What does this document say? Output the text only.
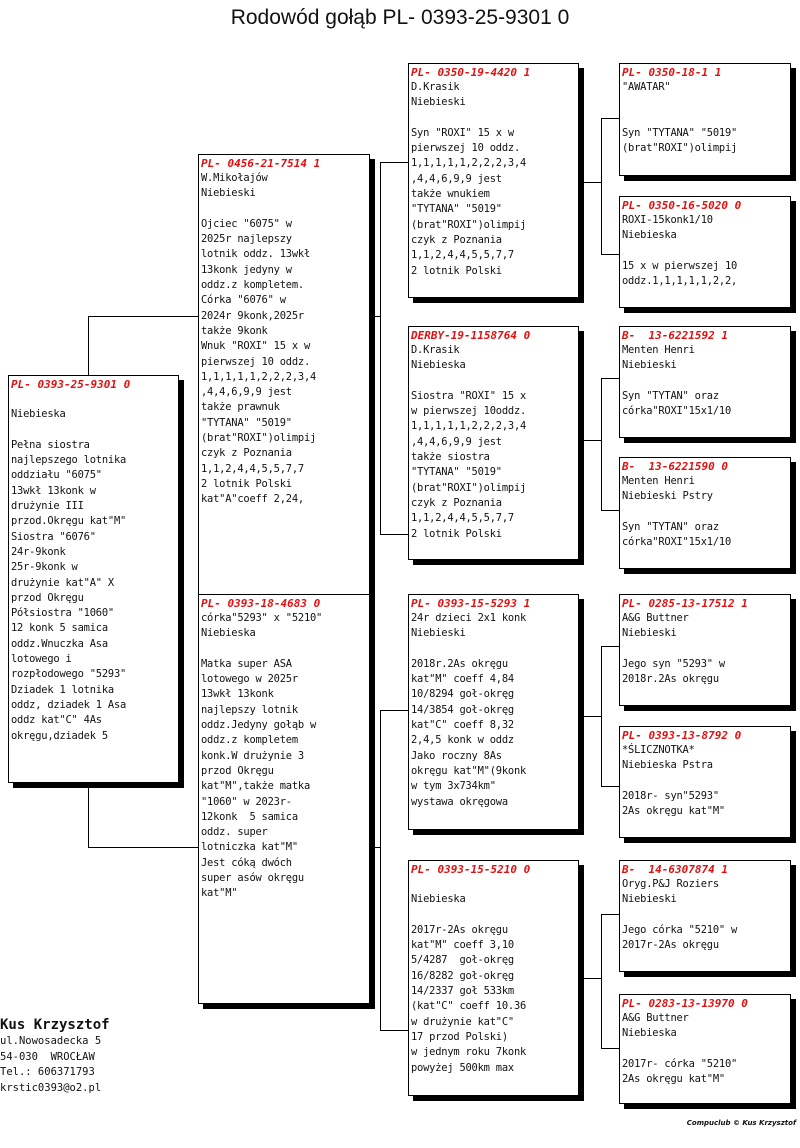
Rodowód gołąb PL- 0393-25-9301 0
PL- 0393-25-9301 0

Niebieska

Pełna siostra
najlepszego lotnika
oddziału "6075"
13wkł 13konk w
drużynie III
przod.Okręgu kat"M"
Siostra "6076"
24r-9konk
25r-9konk w
drużynie kat"A" X
przod Okręgu
Półsiostra "1060"
12 konk 5 samica
oddz.Wnuczka Asa
lotowego i
rozpłodowego "5293"
Dziadek 1 lotnika
oddz, dziadek 1 Asa
oddz kat"C" 4As
okręgu,dziadek 5
PL- 0456-21-7514 1
W.Mikołajów
Niebieski

Ojciec "6075" w
2025r najlepszy
lotnik oddz. 13wkł
13konk jedyny w
oddz.z kompletem.
Córka "6076" w
2024r 9konk,2025r
także 9konk
Wnuk "ROXI" 15 x w
pierwszej 10 oddz.
1,1,1,1,1,2,2,2,3,4
,4,4,6,9,9 jest
także prawnuk
"TYTANA" "5019"
(brat"ROXI")olimpij
czyk z Poznania
1,1,2,4,4,5,5,7,7
2 lotnik Polski
kat"A"coeff 2,24,
PL- 0393-18-4683 0
córka"5293" x "5210"
Niebieska

Matka super ASA
lotowego w 2025r
13wkł 13konk
najlepszy lotnik
oddz.Jedyny gołąb w
oddz.z kompletem
konk.W drużynie 3
przod Okręgu
kat"M",także matka
"1060" w 2023r-
12konk  5 samica
oddz. super
lotniczka kat"M"
Jest cóką dwóch
super asów okręgu
kat"M"
PL- 0350-19-4420 1
D.Krasik
Niebieski

Syn "ROXI" 15 x w
pierwszej 10 oddz.
1,1,1,1,1,2,2,2,3,4
,4,4,6,9,9 jest
także wnukiem
"TYTANA" "5019"
(brat"ROXI")olimpij
czyk z Poznania
1,1,2,4,4,5,5,7,7
2 lotnik Polski
DERBY-19-1158764 0
D.Krasik
Niebieska

Siostra "ROXI" 15 x
w pierwszej 10oddz.
1,1,1,1,1,2,2,2,3,4
,4,4,6,9,9 jest
także siostra
"TYTANA" "5019"
(brat"ROXI")olimpij
czyk z Poznania
1,1,2,4,4,5,5,7,7
2 lotnik Polski
PL- 0393-15-5293 1
24r dzieci 2x1 konk
Niebieski

2018r.2As okręgu
kat"M" coeff 4,84
10/8294 goł-okręg
14/3854 goł-okręg
kat"C" coeff 8,32
2,4,5 konk w oddz
Jako roczny 8As
okręgu kat"M"(9konk
w tym 3x734km"
wystawa okręgowa
PL- 0393-15-5210 0

Niebieska

2017r-2As okręgu
kat"M" coeff 3,10
5/4287  goł-okręg
16/8282 goł-okręg
14/2337 goł 533km
(kat"C" coeff 10.36
w drużynie kat"C"
17 przod Polski)
w jednym roku 7konk
powyżej 500km max
PL- 0350-18-1 1
"AWATAR"

Syn "TYTANA" "5019"
(brat"ROXI")olimpij
PL- 0350-16-5020 0
ROXI-15konk1/10
Niebieska

15 x w pierwszej 10
oddz.1,1,1,1,1,2,2,
B-  13-6221592 1
Menten Henri
Niebieski

Syn "TYTAN" oraz
córka"ROXI"15x1/10
B-  13-6221590 0
Menten Henri
Niebieski Pstry

Syn "TYTAN" oraz
córka"ROXI"15x1/10
PL- 0285-13-17512 1
A&G Buttner
Niebieski

Jego syn "5293" w
2018r.2As okręgu
PL- 0393-13-8792 0
*ŚLICZNOTKA*
Niebieska Pstra

2018r- syn"5293"
2As okręgu kat"M"
B-  14-6307874 1
Oryg.P&J Roziers
Niebieski

Jego córka "5210" w
2017r-2As okręgu
PL- 0283-13-13970 0
A&G Buttner
Niebieska

2017r- córka "5210"
2As okręgu kat"M"
Kus Krzysztof
ul.Nowosadecka 5
54-030  WROCŁAW
Tel.: 606371793
krstic0393@o2.pl
Compuclub © Kus Krzysztof
